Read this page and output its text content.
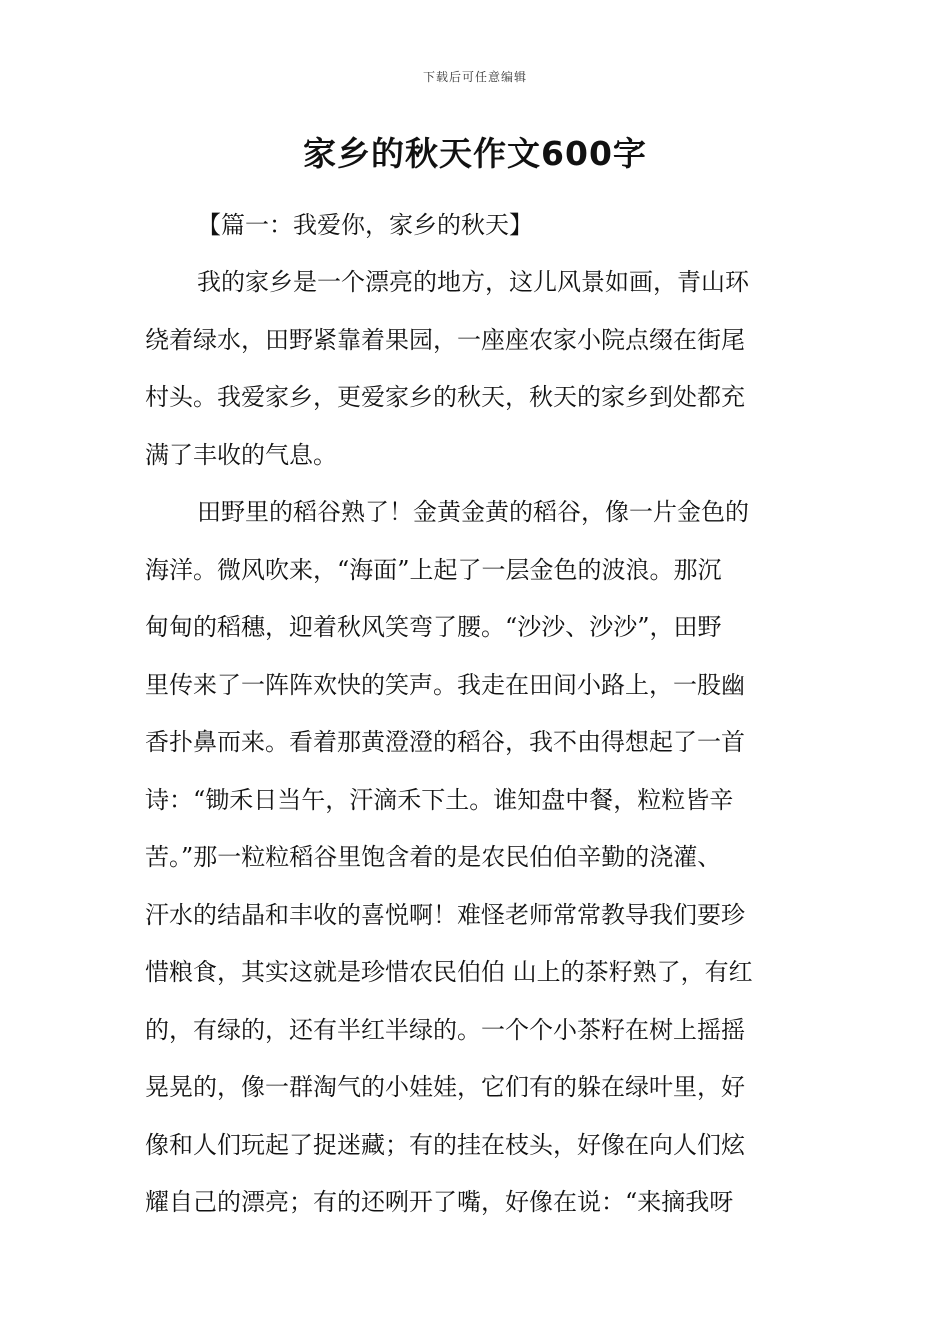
下载后可任意编辑
家乡的秋天作文600字
【篇一：我爱你，家乡的秋天】

我的家乡是一个漂亮的地方，这儿风景如画，青山环
绕着绿水，田野紧靠着果园，一座座农家小院点缀在街尾
村头。我爱家乡，更爱家乡的秋天，秋天的家乡到处都充
满了丰收的气息。

田野里的稻谷熟了！金黄金黄的稻谷，像一片金色的
海洋。微风吹来，“海面”上起了一层金色的波浪。那沉
甸甸的稻穗，迎着秋风笑弯了腰。“沙沙、沙沙”，田野
里传来了一阵阵欢快的笑声。我走在田间小路上，一股幽
香扑鼻而来。看着那黄澄澄的稻谷，我不由得想起了一首
诗：“锄禾日当午，汗滴禾下土。谁知盘中餐，粒粒皆辛
苦。”那一粒粒稻谷里饱含着的是农民伯伯辛勤的浇灌、
汗水的结晶和丰收的喜悦啊！难怪老师常常教导我们要珍
惜粮食，其实这就是珍惜农民伯伯 山上的茶籽熟了，有红
的，有绿的，还有半红半绿的。一个个小茶籽在树上摇摇
晃晃的，像一群淘气的小娃娃，它们有的躲在绿叶里，好
像和人们玩起了捉迷藏；有的挂在枝头，好像在向人们炫
耀自己的漂亮；有的还咧开了嘴，好像在说：“来摘我呀
